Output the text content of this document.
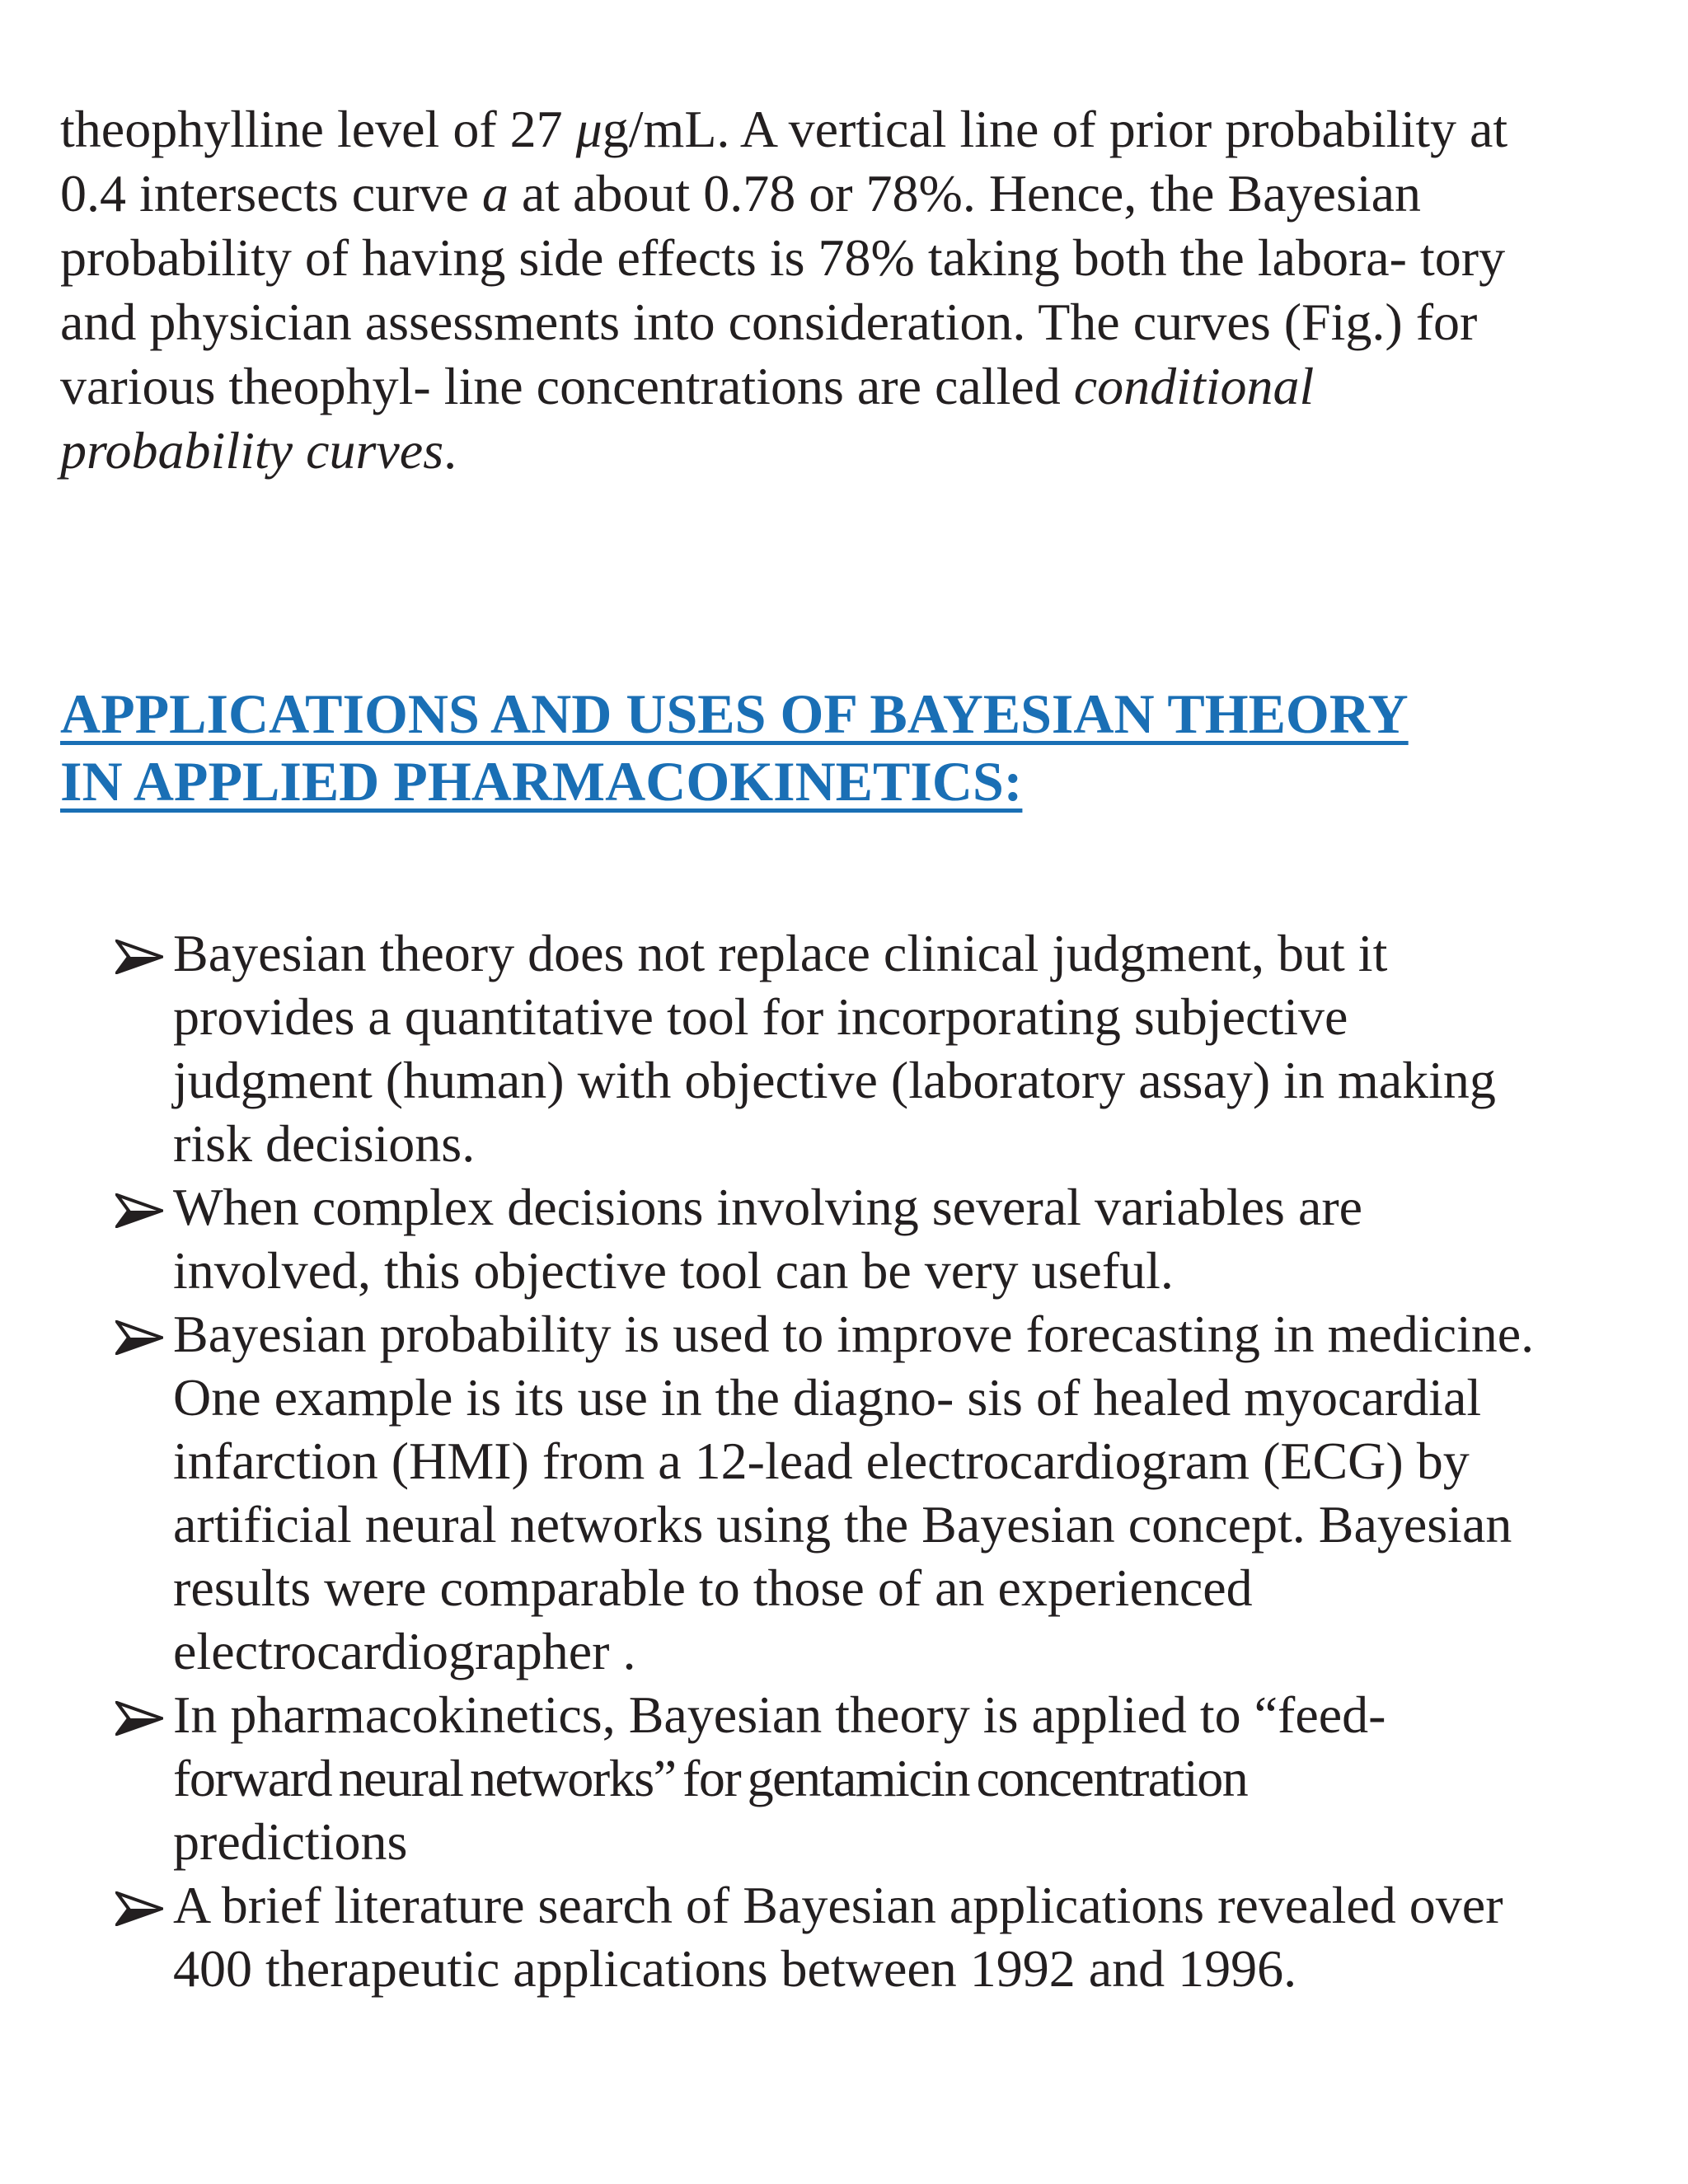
theophylline level of 27 μg/mL. A vertical line of prior probability at
0.4 intersects curve a at about 0.78 or 78%. Hence, the Bayesian
probability of having side effects is 78% taking both the labora- tory
and physician assessments into consideration. The curves (Fig.) for
various theophyl- line concentrations are called conditional
probability curves.

APPLICATIONS AND USES OF BAYESIAN THEORY
IN APPLIED PHARMACOKINETICS:
Bayesian theory does not replace clinical judgment, but it
provides a quantitative tool for incorporating subjective
judgment (human) with objective (laboratory assay) in making
risk decisions.
When complex decisions involving several variables are
involved, this objective tool can be very useful.
Bayesian probability is used to improve forecasting in medicine.
One example is its use in the diagno- sis of healed myocardial
infarction (HMI) from a 12-lead electrocardiogram (ECG) by
artificial neural networks using the Bayesian concept. Bayesian
results were comparable to those of an experienced
electrocardiographer .
In pharmacokinetics, Bayesian theory is applied to “feed-
forward neural networks” for gentamicin concentration
predictions
A brief literature search of Bayesian applications revealed over
400 therapeutic applications between 1992 and 1996.
